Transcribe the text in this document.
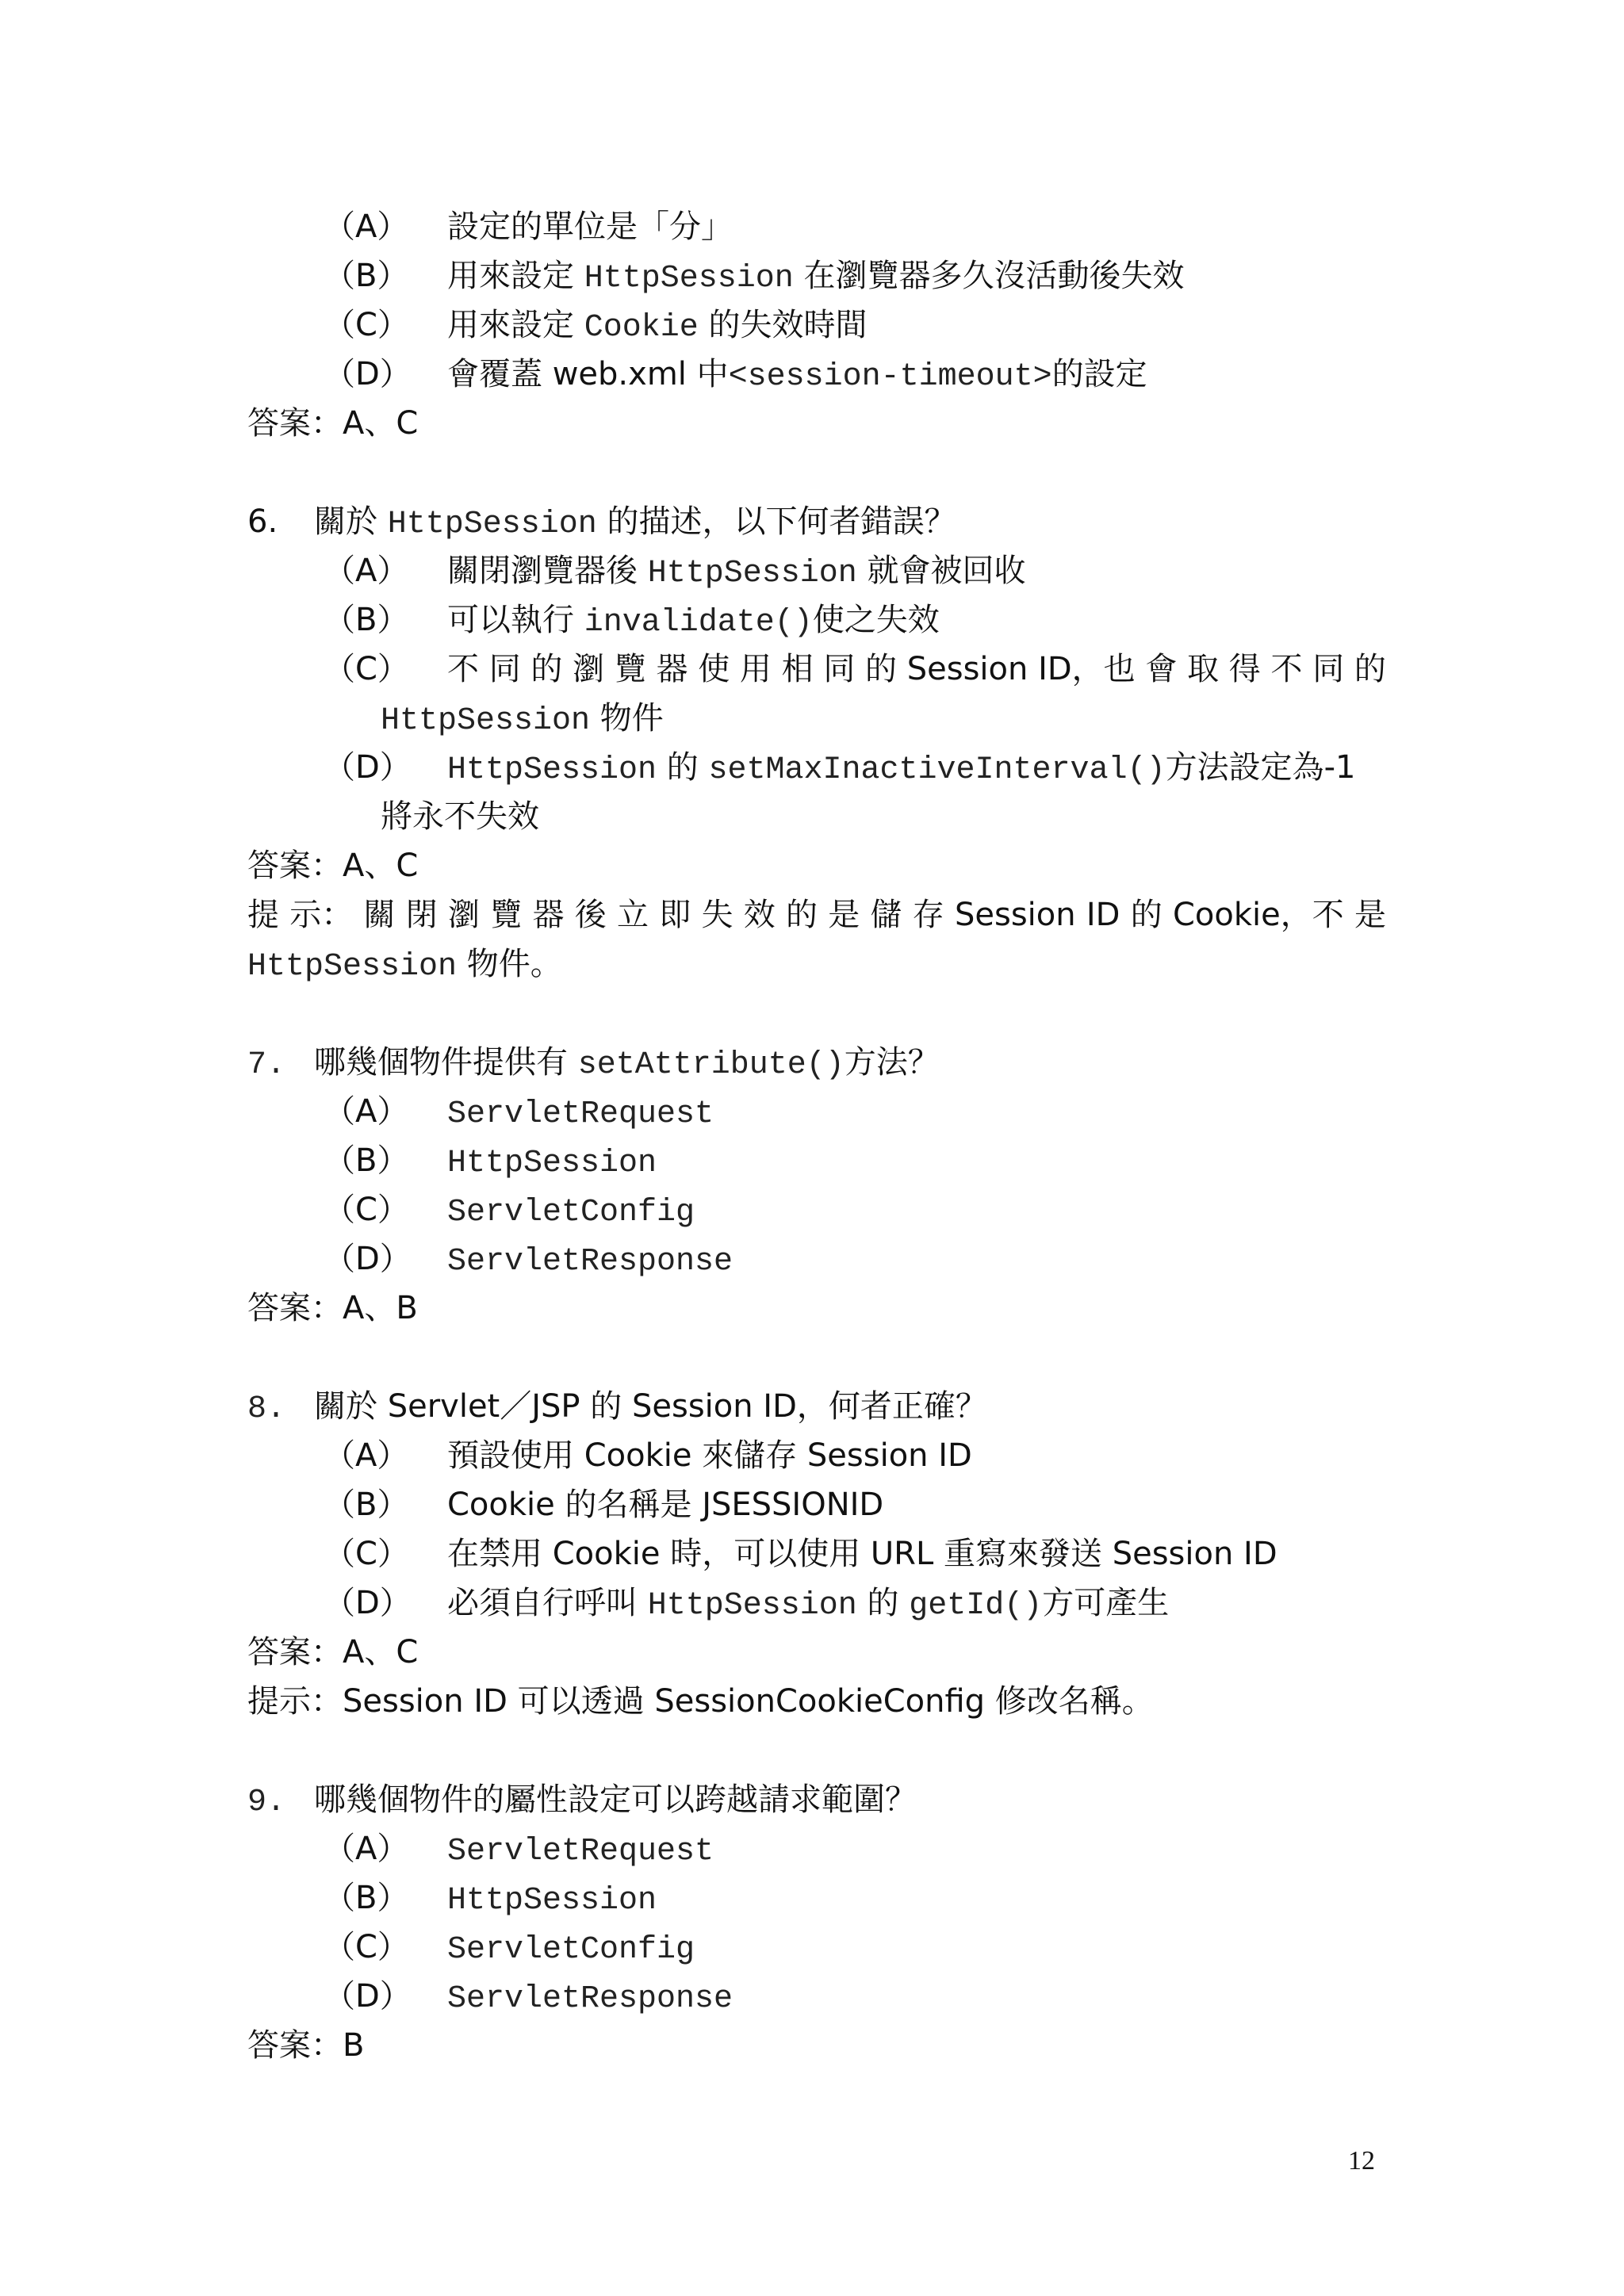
（A）	設定的單位是「分」
（B）	用來設定 HttpSession 在瀏覽器多久沒活動後失效
（C）	用來設定 Cookie 的失效時間
（D）	會覆蓋 web.xml 中<session-timeout>的設定
答案：A、C
6. 關於 HttpSession 的描述，以下何者錯誤？
（A）	關閉瀏覽器後 HttpSession 就會被回收
（B）	可以執行 invalidate()使之失效
（C）	不 同 的 瀏 覽 器 使 用 相 同 的 Session ID，也 會 取 得 不 同 的
HttpSession 物件
（D）	HttpSession 的 setMaxInactiveInterval()方法設定為-1
將永不失效
答案：A、C
提 示： 關 閉 瀏 覽 器 後 立 即 失 效 的 是 儲 存 Session ID 的 Cookie，不 是
HttpSession 物件。
7. 哪幾個物件提供有 setAttribute()方法？
（A）	ServletRequest
（B）	HttpSession
（C）	ServletConfig
（D）	ServletResponse
答案：A、B
8. 關於 Servlet／JSP 的 Session ID，何者正確？
（A）	預設使用 Cookie 來儲存 Session ID
（B）	Cookie 的名稱是 JSESSIONID
（C）	在禁用 Cookie 時，可以使用 URL 重寫來發送 Session ID
（D）	必須自行呼叫 HttpSession 的 getId()方可產生
答案：A、C
提示：Session ID 可以透過 SessionCookieConfig 修改名稱。
9. 哪幾個物件的屬性設定可以跨越請求範圍？
（A）	ServletRequest
（B）	HttpSession
（C）	ServletConfig
（D）	ServletResponse
答案：B
12
